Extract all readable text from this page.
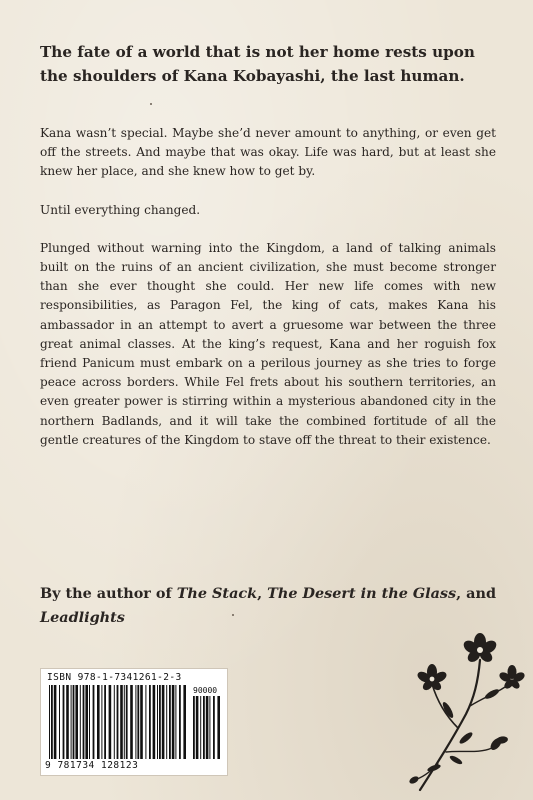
The fate of a world that is not her home rests upon the shoulders of Kana Kobayashi, the last human.

Kana wasn’t special. Maybe she’d never amount to anything, or even get off the streets. And maybe that was okay. Life was hard, but at least she knew her place, and she knew how to get by.

Until everything changed.

Plunged without warning into the Kingdom, a land of talking animals built on the ruins of an ancient civilization, she must become stronger than she ever thought she could. Her new life comes with new responsibilities, as Paragon Fel, the king of cats, makes Kana his ambassador in an attempt to avert a gruesome war between the three great animal classes. At the king’s request, Kana and her roguish fox friend Panicum must embark on a perilous journey as she tries to forge peace across borders. While Fel frets about his southern territories, an even greater power is stirring within a mysterious abandoned city in the northern Badlands, and it will take the combined fortitude of all the gentle creatures of the Kingdom to stave off the threat to their existence.

By the author of The Stack, The Desert in the Glass, and Leadlights

ISBN 978-1-7341261-2-3
90000
9 781734 128123
